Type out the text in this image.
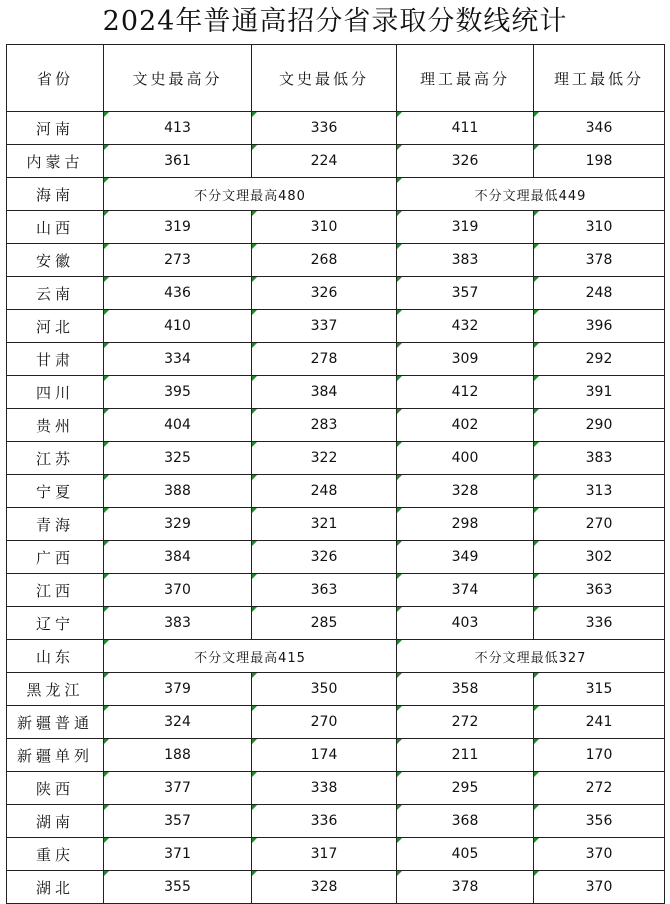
2024年普通高招分省录取分数线统计
省份	文史最高分	文史最低分	理工最高分	理工最低分
河南	413	336	411	346
内蒙古	361	224	326	198
海南	不分文理最高480		不分文理最低449	
山西	319	310	319	310
安徽	273	268	383	378
云南	436	326	357	248
河北	410	337	432	396
甘肃	334	278	309	292
四川	395	384	412	391
贵州	404	283	402	290
江苏	325	322	400	383
宁夏	388	248	328	313
青海	329	321	298	270
广西	384	326	349	302
江西	370	363	374	363
辽宁	383	285	403	336
山东	不分文理最高415		不分文理最低327	
黑龙江	379	350	358	315
新疆普通	324	270	272	241
新疆单列	188	174	211	170
陕西	377	338	295	272
湖南	357	336	368	356
重庆	371	317	405	370
湖北	355	328	378	370
